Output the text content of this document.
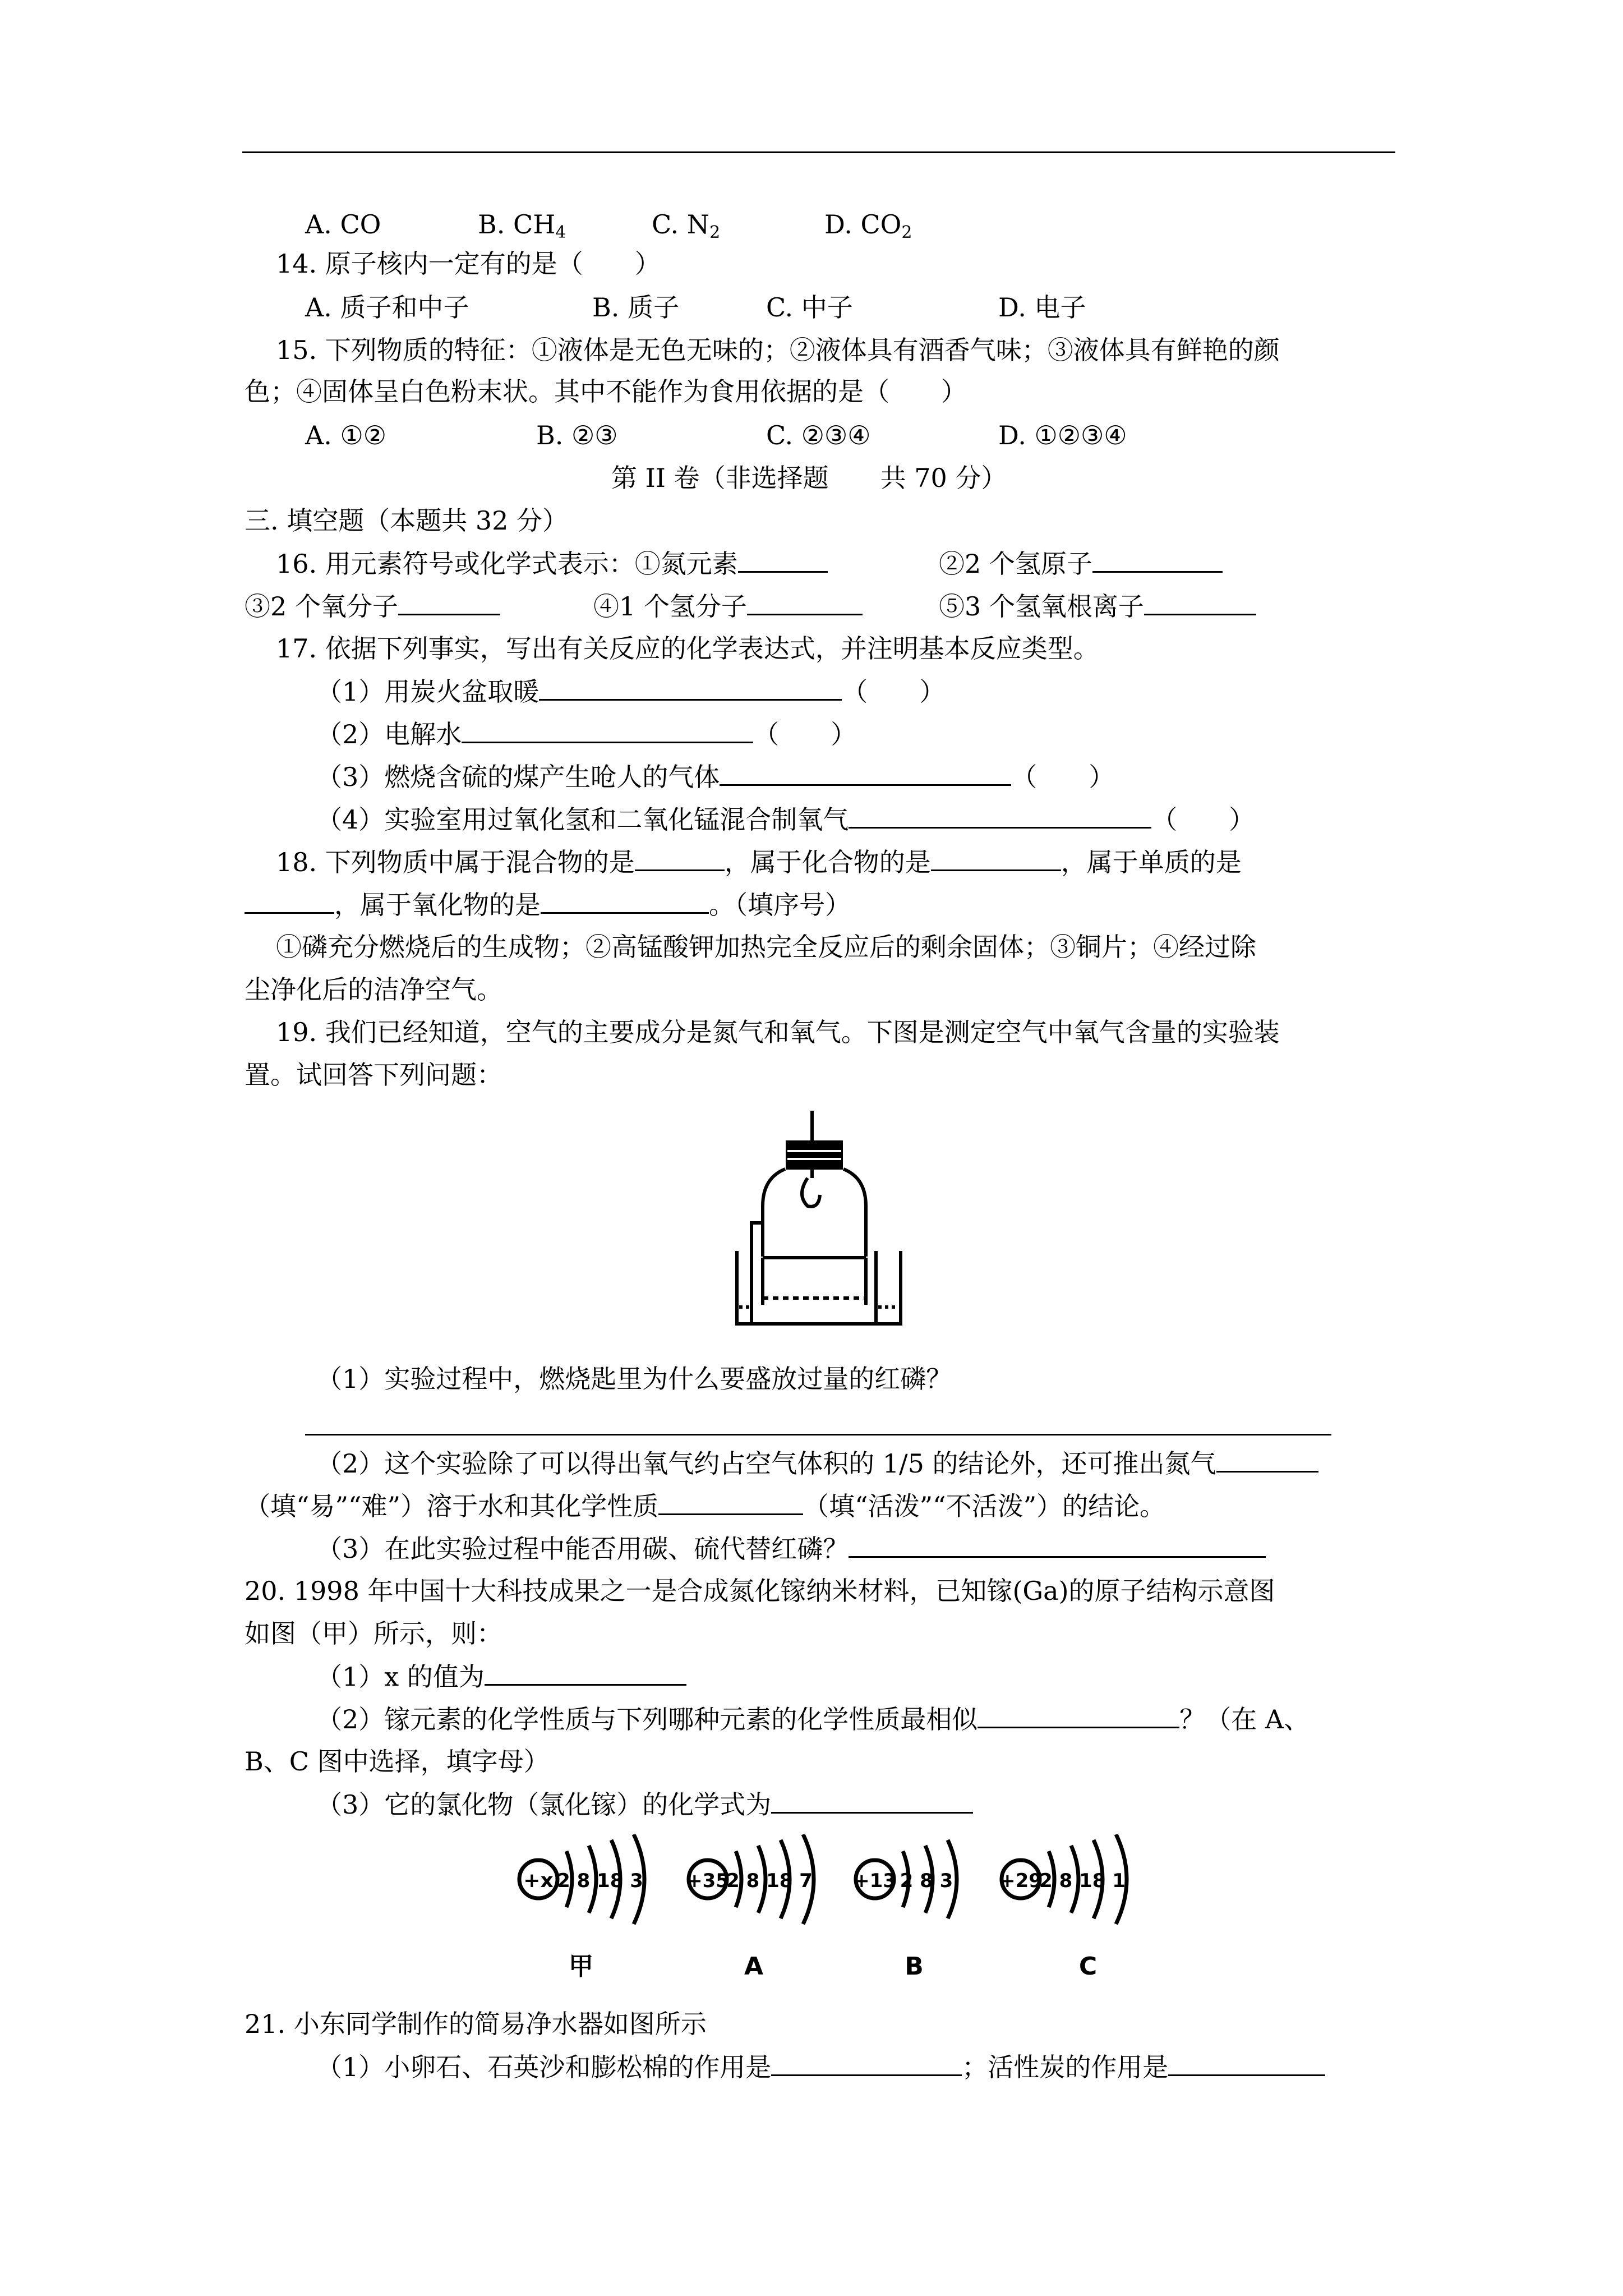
A. CO	B. $CH_4$	C. $N_2$	D. $CO_2$
14. 原子核内一定有的是（　　）
A. 质子和中子	B. 质子	C. 中子	D. 电子
15. 下列物质的特征：①液体是无色无味的；②液体具有酒香气味；③液体具有鲜艳的颜
色；④固体呈白色粉末状。其中不能作为食用依据的是（　　）
A. ①②	B. ②③	C. ②③④	D. ①②③④
第 II 卷（非选择题　　共 70 分）
三. 填空题（本题共 32 分）
16. 用元素符号或化学式表示：①氮元素	②2 个氢原子
③2 个氧分子	④1 个氢分子	⑤3 个氢氧根离子
17. 依据下列事实，写出有关反应的化学表达式，并注明基本反应类型。
（1）用炭火盆取暖	（　　）
（2）电解水	（　　）
（3）燃烧含硫的煤产生呛人的气体	（　　）
（4）实验室用过氧化氢和二氧化锰混合制氧气	（　　）
18. 下列物质中属于混合物的是	，属于化合物的是	，属于单质的是
，属于氧化物的是	。（填序号）
①磷充分燃烧后的生成物；②高锰酸钾加热完全反应后的剩余固体；③铜片；④经过除
尘净化后的洁净空气。
19. 我们已经知道，空气的主要成分是氮气和氧气。下图是测定空气中氧气含量的实验装
置。试回答下列问题：
（1）实验过程中，燃烧匙里为什么要盛放过量的红磷？
（2）这个实验除了可以得出氧气约占空气体积的 1/5 的结论外，还可推出氮气
（填“易”“难”）溶于水和其化学性质	（填“活泼”“不活泼”）的结论。
（3）在此实验过程中能否用碳、硫代替红磷？
20. 1998 年中国十大科技成果之一是合成氮化镓纳米材料，已知镓(Ga)的原子结构示意图
如图（甲）所示，则：
（1）x 的值为
（2）镓元素的化学性质与下列哪种元素的化学性质最相似	？（在 A、
B、C 图中选择，填字母）
（3）它的氯化物（氯化镓）的化学式为
+x 2 8 18 3
甲
+35
2 8 18 7
A
+13 2 8 3
B
+29
2 8 18 1
C
21. 小东同学制作的简易净水器如图所示
（1）小卵石、石英沙和膨松棉的作用是	；活性炭的作用是
